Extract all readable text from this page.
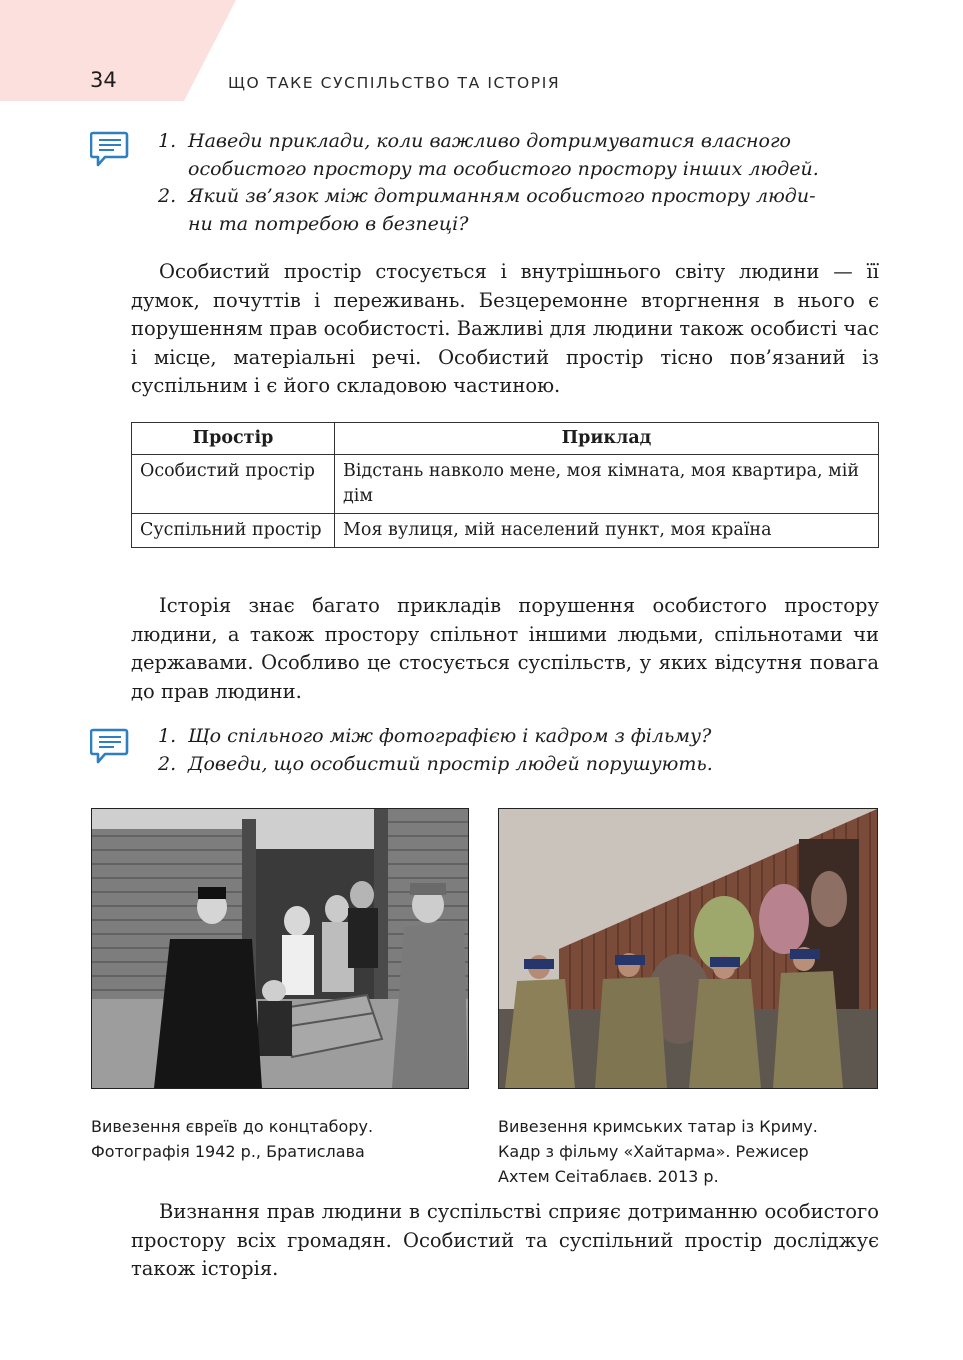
34	ЩО ТАКЕ СУСПІЛЬСТВО ТА ІСТОРІЯ
1. Наведи приклади, коли важливо дотримуватися власного
особистого простору та особистого простору інших людей.
2. Який зв’язок між дотриманням особистого простору люди-
ни та потребою в безпеці?

Особистий простір стосується і внутрішнього світу людини — її думок, почуттів і переживань. Безцеремонне вторгнення в нього є порушенням прав особистості. Важливі для людини також особисті час і місце, матеріальні речі. Особистий простір тісно пов’язаний із суспільним і є його складовою частиною.

Простір	Приклад
Особистий простір	Відстань навколо мене, моя кімната, моя квартира, мій дім
Суспільний простір	Моя вулиця, мій населений пункт, моя країна

Історія знає багато прикладів порушення особистого простору людини, а також простору спільнот іншими людьми, спільнотами чи державами. Особливо це стосується суспільств, у яких відсутня повага до прав людини.

1. Що спільного між фотографією і кадром з фільму?
2. Доведи, що особистий простір людей порушують.
Вивезення євреїв до концтабору.
Фотографія 1942 р., Братислава
Вивезення кримських татар із Криму.
Кадр з фільму «Хайтарма». Режисер
Ахтем Сеітаблаєв. 2013 р.

Визнання прав людини в суспільстві сприяє дотриманню особистого простору всіх громадян. Особистий та суспільний простір досліджує також історія.
